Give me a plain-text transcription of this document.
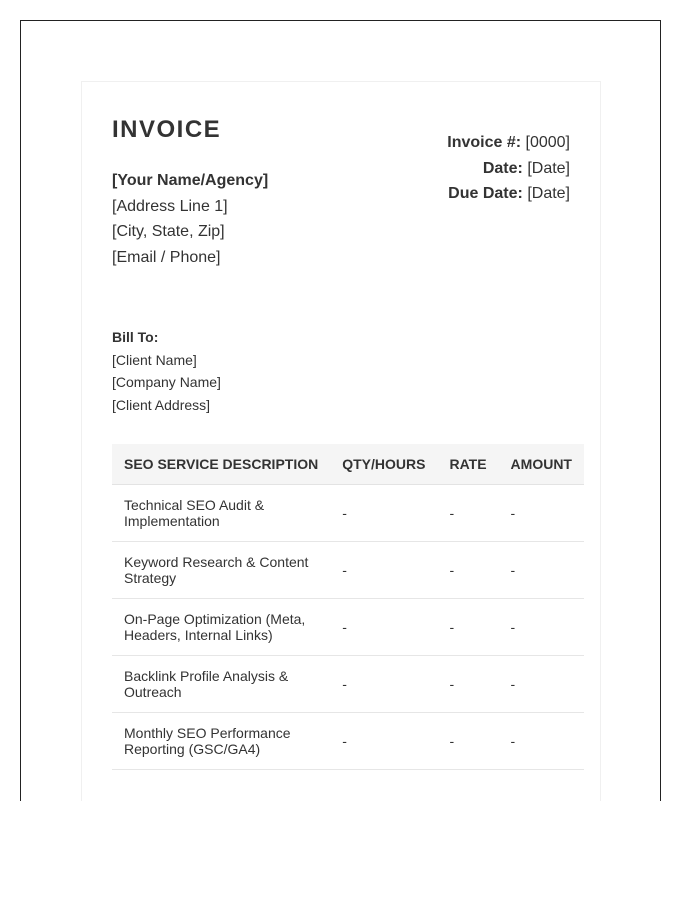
INVOICE
[Your Name/Agency]
[Address Line 1]
[City, State, Zip]
[Email / Phone]
Invoice #: [0000]
Date: [Date]
Due Date: [Date]
Bill To:
[Client Name]
[Company Name]
[Client Address]
SEO SERVICE DESCRIPTION	QTY/HOURS	RATE	AMOUNT
Technical SEO Audit & Implementation	-	-	-
Keyword Research & Content Strategy	-	-	-
On-Page Optimization (Meta, Headers, Internal Links)	-	-	-
Backlink Profile Analysis & Outreach	-	-	-
Monthly SEO Performance Reporting (GSC/GA4)	-	-	-
